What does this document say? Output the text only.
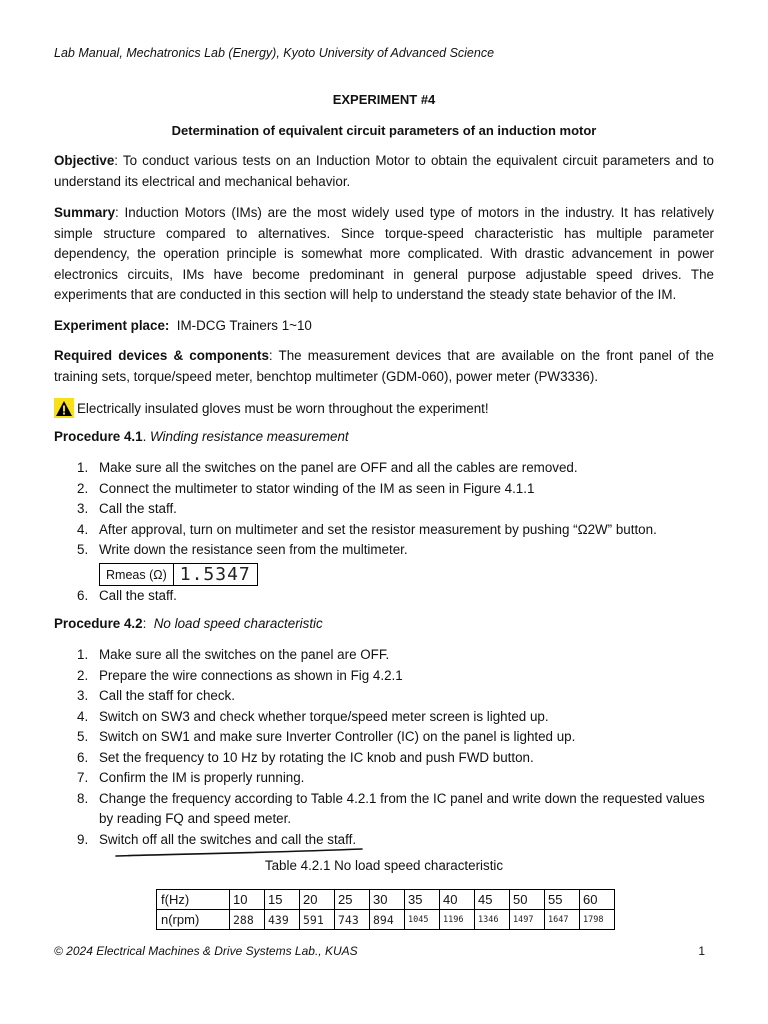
Lab Manual, Mechatronics Lab (Energy), Kyoto University of Advanced Science
EXPERIMENT #4
Determination of equivalent circuit parameters of an induction motor
Objective: To conduct various tests on an Induction Motor to obtain the equivalent circuit parameters and to understand its electrical and mechanical behavior.
Summary: Induction Motors (IMs) are the most widely used type of motors in the industry. It has relatively simple structure compared to alternatives. Since torque-speed characteristic has multiple parameter dependency, the operation principle is somewhat more complicated. With drastic advancement in power electronics circuits, IMs have become predominant in general purpose adjustable speed drives. The experiments that are conducted in this section will help to understand the steady state behavior of the IM.
Experiment place:  IM-DCG Trainers 1~10
Required devices & components: The measurement devices that are available on the front panel of the training sets, torque/speed meter, benchtop multimeter (GDM-060), power meter (PW3336).
Electrically insulated gloves must be worn throughout the experiment!
Procedure 4.1. Winding resistance measurement
1. Make sure all the switches on the panel are OFF and all the cables are removed.
2. Connect the multimeter to stator winding of the IM as seen in Figure 4.1.1
3. Call the staff.
4. After approval, turn on multimeter and set the resistor measurement by pushing “Ω2W” button.
5. Write down the resistance seen from the multimeter.
Rmeas (Ω)	1.5347
6. Call the staff.
Procedure 4.2:  No load speed characteristic
1. Make sure all the switches on the panel are OFF.
2. Prepare the wire connections as shown in Fig 4.2.1
3. Call the staff for check.
4. Switch on SW3 and check whether torque/speed meter screen is lighted up.
5. Switch on SW1 and make sure Inverter Controller (IC) on the panel is lighted up.
6. Set the frequency to 10 Hz by rotating the IC knob and push FWD button.
7. Confirm the IM is properly running.
8. Change the frequency according to Table 4.2.1 from the IC panel and write down the requested values by reading FQ and speed meter.
9. Switch off all the switches and call the staff.
Table 4.2.1 No load speed characteristic
f(Hz)	10	15	20	25	30	35	40	45	50	55	60
n(rpm)	288	439	591	743	894	1045	1196	1346	1497	1647	1798
© 2024 Electrical Machines & Drive Systems Lab., KUAS	1
